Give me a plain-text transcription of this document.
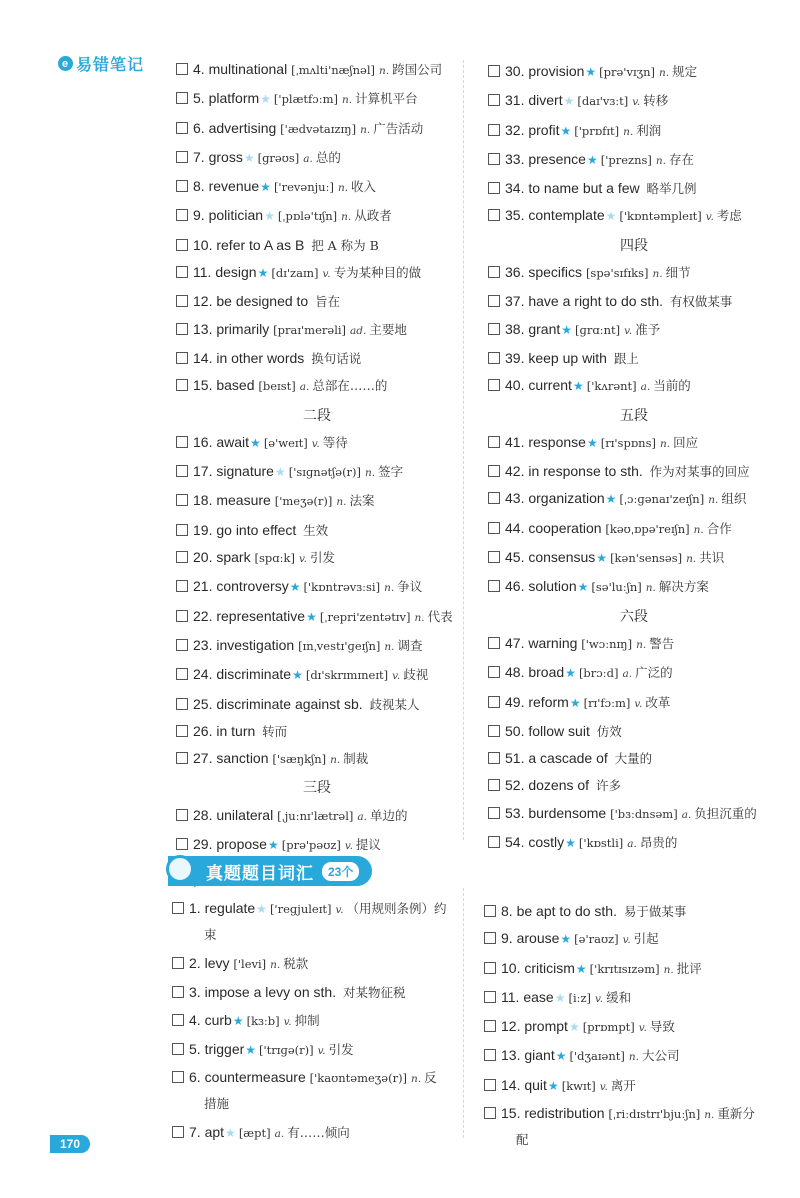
e 易错笔记	4. multinational [ˌmʌlti'næʃnəl] n. 跨国公司
5. platform★ ['plætfɔːm] n. 计算机平台
6. advertising ['ædvətaɪzɪŋ] n. 广告活动
7. gross★ [ɡrəʊs] a. 总的
8. revenue★ ['revənjuː] n. 收入
9. politician★ [ˌpɒlə'tɪʃn] n. 从政者
10. refer to A as B 把 A 称为 B
11. design★ [dɪ'zaɪn] v. 专为某种目的做
12. be designed to 旨在
13. primarily [praɪ'merəli] ad. 主要地
14. in other words 换句话说
15. based [beɪst] a. 总部在……的
二段
16. await★ [ə'weɪt] v. 等待
17. signature★ ['sɪɡnətʃə(r)] n. 签字
18. measure ['meʒə(r)] n. 法案
19. go into effect 生效
20. spark [spɑːk] v. 引发
21. controversy★ ['kɒntrəvɜːsi] n. 争议
22. representative★ [ˌrepri'zentətɪv] n. 代表
23. investigation [ɪnˌvestɪ'ɡeɪʃn] n. 调查
24. discriminate★ [dɪ'skrɪmɪneɪt] v. 歧视
25. discriminate against sb. 歧视某人
26. in turn 转而
27. sanction ['sæŋkʃn] n. 制裁
三段
28. unilateral [ˌjuːnɪ'lætrəl] a. 单边的
29. propose★ [prə'pəʊz] v. 提议
30. provision★ [prə'vɪʒn] n. 规定
31. divert★ [daɪ'vɜːt] v. 转移
32. profit★ ['prɒfɪt] n. 利润
33. presence★ ['prezns] n. 存在
34. to name but a few 略举几例
35. contemplate★ ['kɒntəmpleɪt] v. 考虑
四段
36. specifics [spə'sɪfɪks] n. 细节
37. have a right to do sth. 有权做某事
38. grant★ [ɡrɑːnt] v. 准予
39. keep up with 跟上
40. current★ ['kʌrənt] a. 当前的
五段
41. response★ [rɪ'spɒns] n. 回应
42. in response to sth. 作为对某事的回应
43. organization★ [ˌɔːɡənaɪ'zeɪʃn] n. 组织
44. cooperation [kəʊˌɒpə'reɪʃn] n. 合作
45. consensus★ [kən'sensəs] n. 共识
46. solution★ [sə'luːʃn] n. 解决方案
六段
47. warning ['wɔːnɪŋ] n. 警告
48. broad★ [brɔːd] a. 广泛的
49. reform★ [rɪ'fɔːm] v. 改革
50. follow suit 仿效
51. a cascade of 大量的
52. dozens of 许多
53. burdensome ['bɜːdnsəm] a. 负担沉重的
54. costly★ ['kɒstli] a. 昂贵的
真题题目词汇	23个
1. regulate★ ['reɡjuleɪt] v. （用规则条例）约束
2. levy ['levi] n. 税款
3. impose a levy on sth. 对某物征税
4. curb★ [kɜːb] v. 抑制
5. trigger★ ['trɪɡə(r)] v. 引发
6. countermeasure ['kaʊntəmeʒə(r)] n. 反措施
7. apt★ [æpt] a. 有……倾向
8. be apt to do sth. 易于做某事
9. arouse★ [ə'raʊz] v. 引起
10. criticism★ ['krɪtɪsɪzəm] n. 批评
11. ease★ [iːz] v. 缓和
12. prompt★ [prɒmpt] v. 导致
13. giant★ ['dʒaɪənt] n. 大公司
14. quit★ [kwɪt] v. 离开
15. redistribution [ˌriːdɪstrɪ'bjuːʃn] n. 重新分配
170
